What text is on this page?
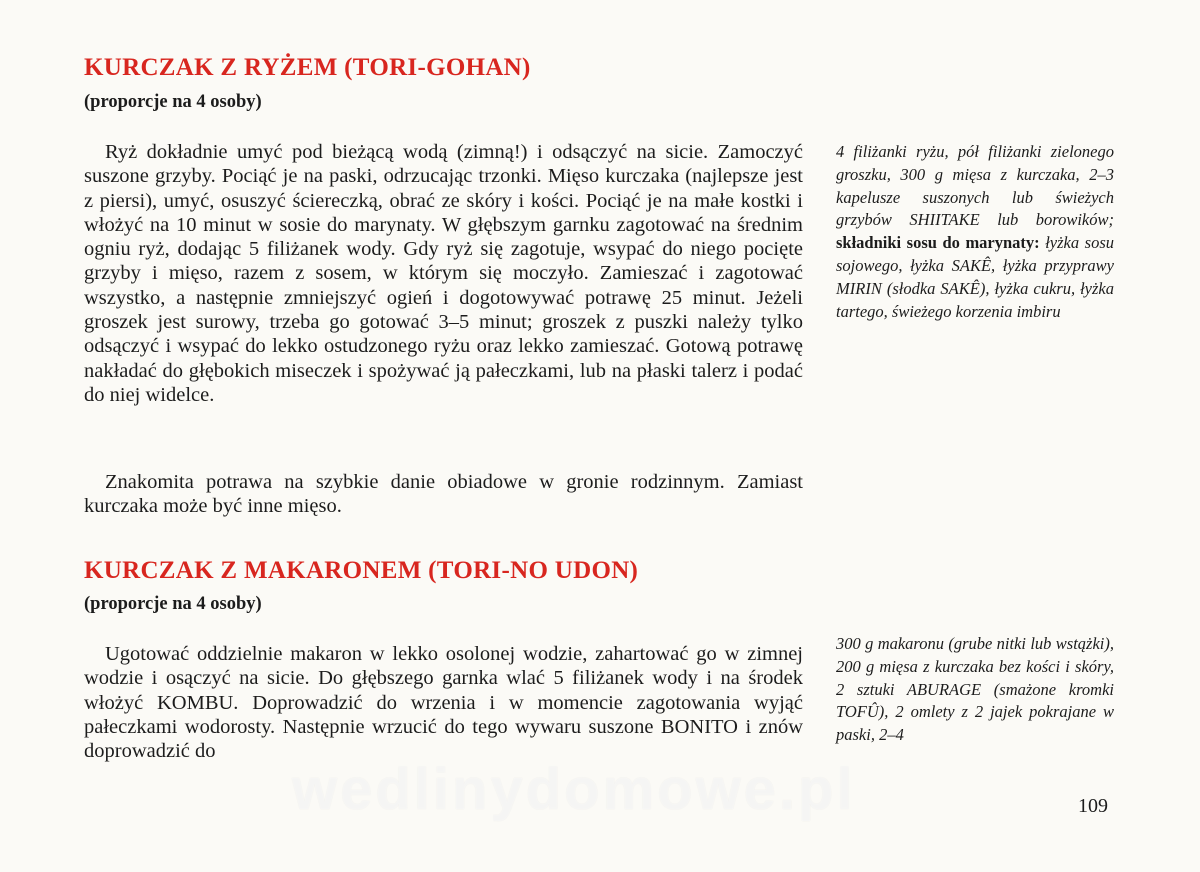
KURCZAK Z RYŻEM (TORI-GOHAN)
(proporcje na 4 osoby)

Ryż dokładnie umyć pod bieżącą wodą (zimną!) i odsączyć na sicie. Zamoczyć suszone grzyby. Pociąć je na paski, odrzucając trzonki. Mięso kurczaka (najlepsze jest z piersi), umyć, osuszyć ściereczką, obrać ze skóry i kości. Pociąć je na małe kostki i włożyć na 10 minut w sosie do marynaty. W głębszym garnku zagotować na średnim ogniu ryż, dodając 5 filiżanek wody. Gdy ryż się zagotuje, wsypać do niego pocięte grzyby i mięso, razem z sosem, w którym się moczyło. Zamieszać i zagotować wszystko, a następnie zmniejszyć ogień i dogotowywać potrawę 25 minut. Jeżeli groszek jest surowy, trzeba go gotować 3–5 minut; groszek z puszki należy tylko odsączyć i wsypać do lekko ostudzonego ryżu oraz lekko zamieszać. Gotową potrawę nakładać do głębokich miseczek i spożywać ją pałeczkami, lub na płaski talerz i podać do niej widelce.

Znakomita potrawa na szybkie danie obiadowe w gronie rodzinnym. Zamiast kurczaka może być inne mięso.

4 filiżanki ryżu, pół filiżanki zielonego groszku, 300 g mięsa z kurczaka, 2–3 kapelusze suszonych lub świeżych grzybów SHIITAKE lub borowików; składniki sosu do marynaty: łyżka sosu sojowego, łyżka SAKÊ, łyżka przyprawy MIRIN (słodka SAKÊ), łyżka cukru, łyżka tartego, świeżego korzenia imbiru

KURCZAK Z MAKARONEM (TORI-NO UDON)
(proporcje na 4 osoby)

Ugotować oddzielnie makaron w lekko osolonej wodzie, zahartować go w zimnej wodzie i osączyć na sicie. Do głębszego garnka wlać 5 filiżanek wody i na środek włożyć KOMBU. Doprowadzić do wrzenia i w momencie zagotowania wyjąć pałeczkami wodorosty. Następnie wrzucić do tego wywaru suszone BONITO i znów doprowadzić do

300 g makaronu (grube nitki lub wstążki), 200 g mięsa z kurczaka bez kości i skóry, 2 sztuki ABURAGE (smażone kromki TOFÛ), 2 omlety z 2 jajek pokrajane w paski, 2–4

wedlinydomowe.pl	109
